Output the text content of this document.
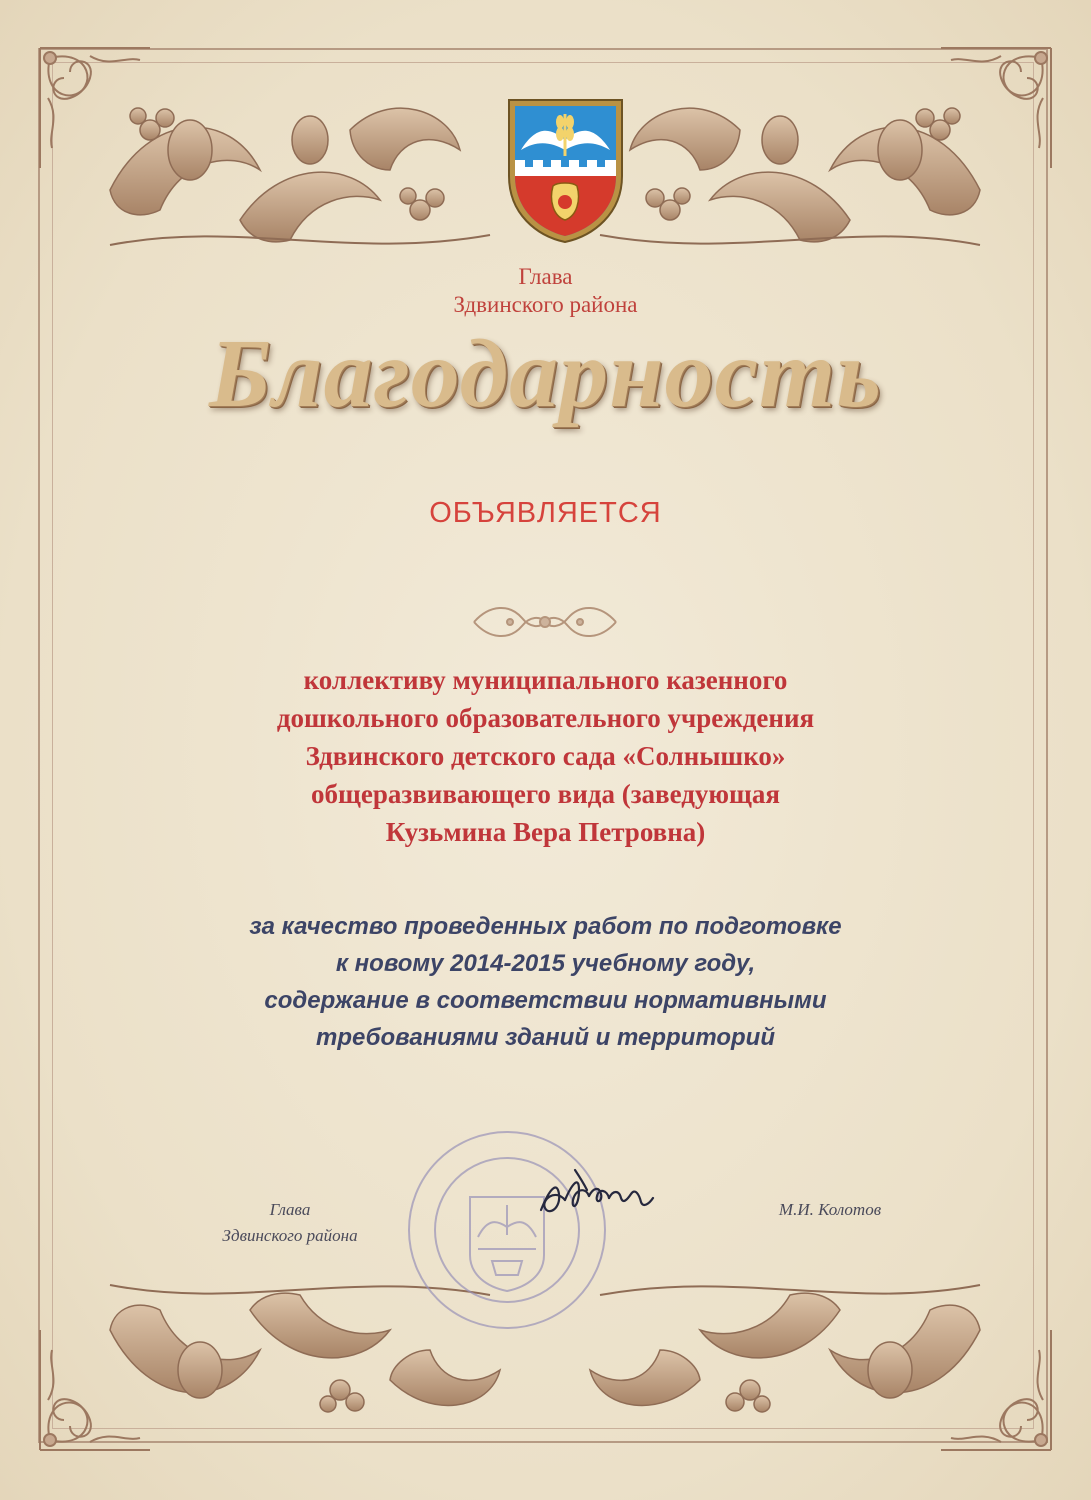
Глава

Здвинского района

Благодарность

ОБЪЯВЛЯЕТСЯ

коллективу муниципального казенного

дошкольного образовательного учреждения

Здвинского детского сада «Солнышко»

общеразвивающего вида (заведующая

Кузьмина Вера Петровна)

за качество проведенных работ по подготовке

к новому 2014-2015 учебному году,

содержание в соответствии нормативными

требованиями зданий и территорий

Глава

Здвинского района

М.И. Колотов
